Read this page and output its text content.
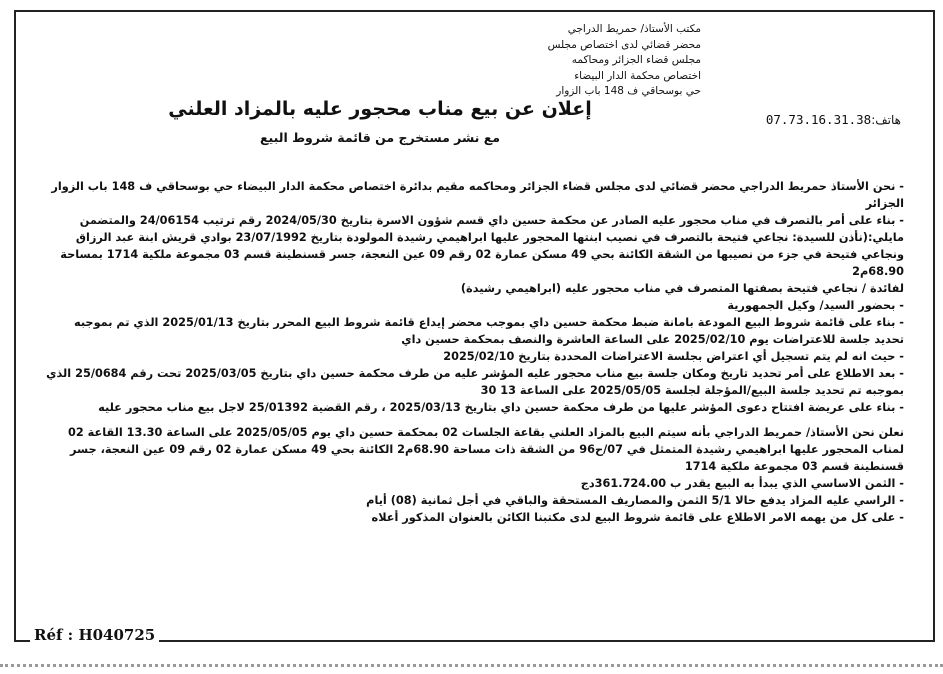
مكتب الأستاذ/ حمريط الدراجي
محضر قضائي لدى اختصاص مجلس
مجلس قضاء الجزائر ومحاكمه
اختصاص محكمة الدار البيضاء
حي بوسحاقي ف 148 باب الزوار
هاتف:07.73.16.31.38
إعلان عن بيع مناب محجور عليه بالمزاد العلني
مع نشر مستخرج من قائمة شروط البيع

- نحن الأستاذ حمريط الدراجي محضر قضائي لدى مجلس قضاء الجزائر ومحاكمه مقيم بدائرة اختصاص محكمة الدار البيضاء حي بوسحاقي ف 148 باب الزوار الجزائر

- بناء على أمر بالتصرف في مناب محجور عليه الصادر عن محكمة حسين داي قسم شؤون الاسرة بتاريخ 2024/05/30 رقم ترتيب 24/06154 والمتضمن مايلي:(نأذن للسيدة: نجاعي فتيحة بالتصرف في نصيب ابنتها المحجور عليها ابراهيمي رشيدة المولودة بتاريخ 23/07/1992 بوادي قريش ابنة عبد الرزاق ونجاعي فتيحة في جزء من نصيبها من الشقة الكائنة بحي 49 مسكن عمارة 02 رقم 09 عين النعجة، جسر قسنطينة قسم 03 مجموعة ملكية 1714 بمساحة 68.90م2

لفائدة / نجاعي فتيحة بصفتها المتصرف في مناب محجور عليه (ابراهيمي رشيدة)

- بحضور السيد/ وكيل الجمهورية

- بناء على قائمة شروط البيع المودعة بامانة ضبط محكمة حسين داي بموجب محضر إيداع قائمة شروط البيع المحرر بتاريخ 2025/01/13 الذي تم بموجبه تحديد جلسة للاعتراضات يوم 2025/02/10 على الساعة العاشرة والنصف بمحكمة حسين داي

- حيث انه لم يتم تسجيل أي اعتراض بجلسة الاعتراضات المحددة بتاريخ 2025/02/10

- بعد الاطلاع على أمر تحديد تاريخ ومكان جلسة بيع مناب محجور عليه المؤشر عليه من طرف محكمة حسين داي بتاريخ 2025/03/05 تحت رقم 25/0684 الذي بموجبه تم تحديد جلسة البيع/المؤجلة لجلسة 2025/05/05 على الساعة 13 30

- بناء على عريضة افتتاح دعوى المؤشر عليها من طرف محكمة حسين داي بتاريخ 2025/03/13 ، رقم القضية 25/01392 لاجل بيع مناب محجور عليه

نعلن نحن الأستاذ/ حمريط الدراجي بأنه سيتم البيع بالمزاد العلني بقاعة الجلسات 02 بمحكمة حسين داي يوم 2025/05/05 على الساعة 13.30 القاعة 02

لمناب المحجور عليها ابراهيمي رشيدة المتمثل في 07/ح96 من الشقة ذات مساحة 68.90م2 الكائنة بحي 49 مسكن عمارة 02 رقم 09 عين النعجة، جسر قسنطينة قسم 03 مجموعة ملكية 1714

- الثمن الاساسي الذي يبدأ به البيع يقدر ب 361.724.00دج

- الراسي عليه المزاد يدفع حالا 5/1 الثمن والمصاريف المستحقة والباقي في أجل ثمانية (08) أيام

- على كل من يهمه الامر الاطلاع على قائمة شروط البيع لدى مكتبنا الكائن بالعنوان المذكور أعلاه

Réf : H040725
